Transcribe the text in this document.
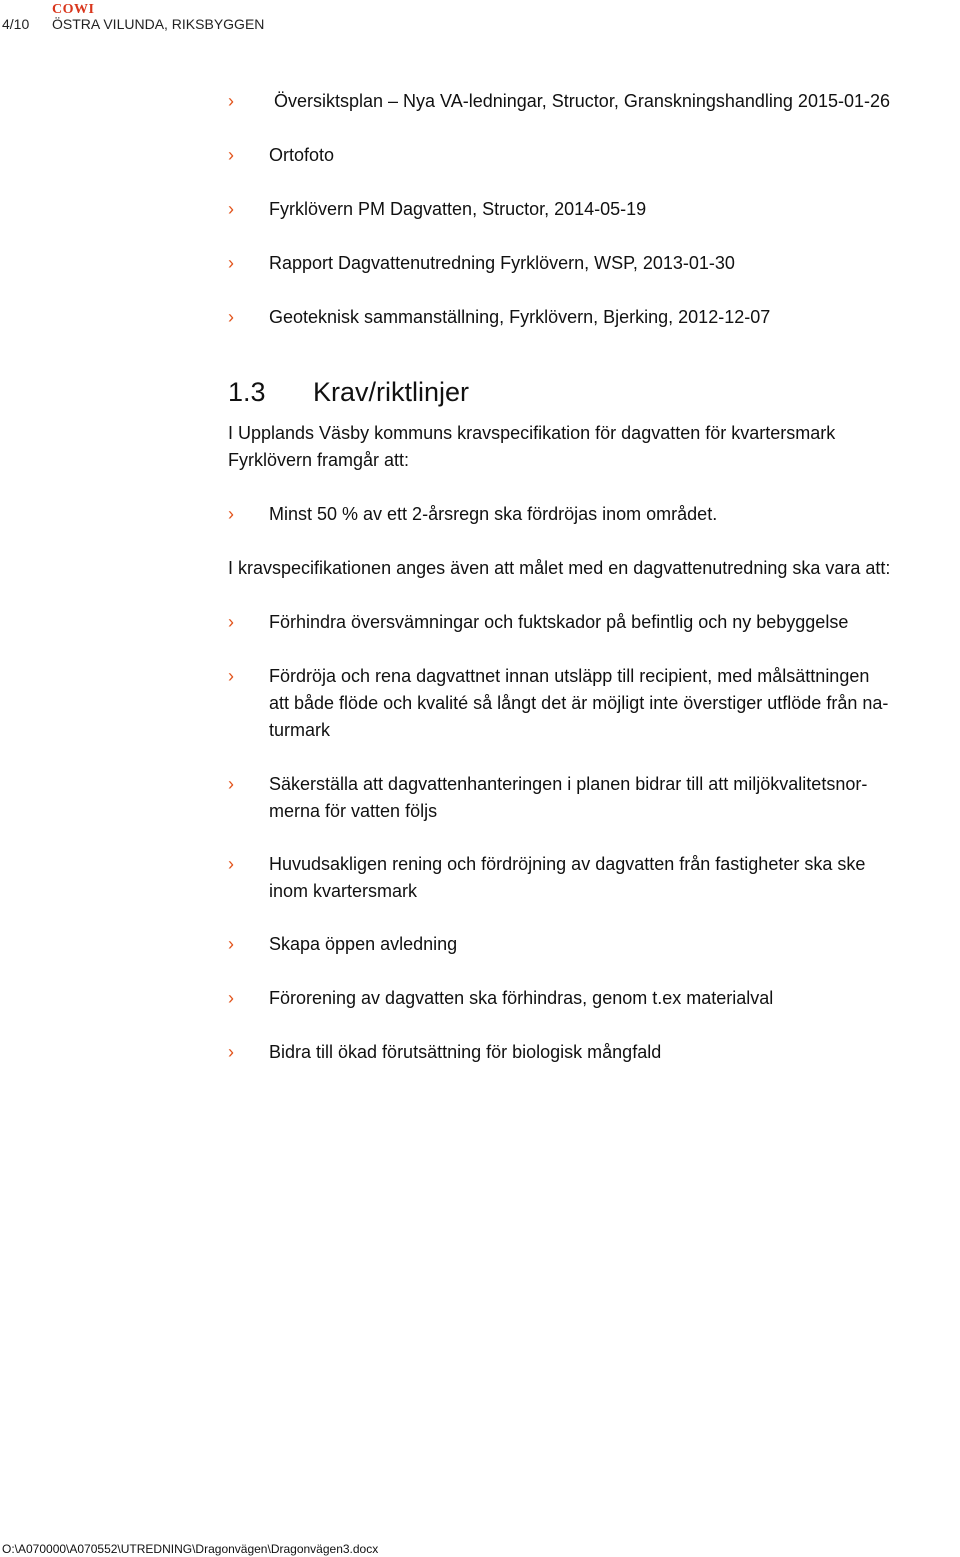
4/10
COWI
ÖSTRA VILUNDA, RIKSBYGGEN
› Översiktsplan – Nya VA-ledningar, Structor, Granskningshandling 2015-01-26
› Ortofoto
› Fyrklövern PM Dagvatten, Structor, 2014-05-19
› Rapport Dagvattenutredning Fyrklövern, WSP, 2013-01-30
› Geoteknisk sammanställning, Fyrklövern, Bjerking, 2012-12-07
1.3 Krav/riktlinjer
I Upplands Väsby kommuns kravspecifikation för dagvatten för kvartersmark
Fyrklövern framgår att:
› Minst 50 % av ett 2-årsregn ska fördröjas inom området.
I kravspecifikationen anges även att målet med en dagvattenutredning ska vara att:
› Förhindra översvämningar och fuktskador på befintlig och ny bebyggelse
› Fördröja och rena dagvattnet innan utsläpp till recipient, med målsättningen
att både flöde och kvalité så långt det är möjligt inte överstiger utflöde från na-
turmark
› Säkerställa att dagvattenhanteringen i planen bidrar till att miljökvalitetsnor-
merna för vatten följs
› Huvudsakligen rening och fördröjning av dagvatten från fastigheter ska ske
inom kvartersmark
› Skapa öppen avledning
› Förorening av dagvatten ska förhindras, genom t.ex materialval
› Bidra till ökad förutsättning för biologisk mångfald
O:\A070000\A070552\UTREDNING\Dragonvägen\Dragonvägen3.docx
